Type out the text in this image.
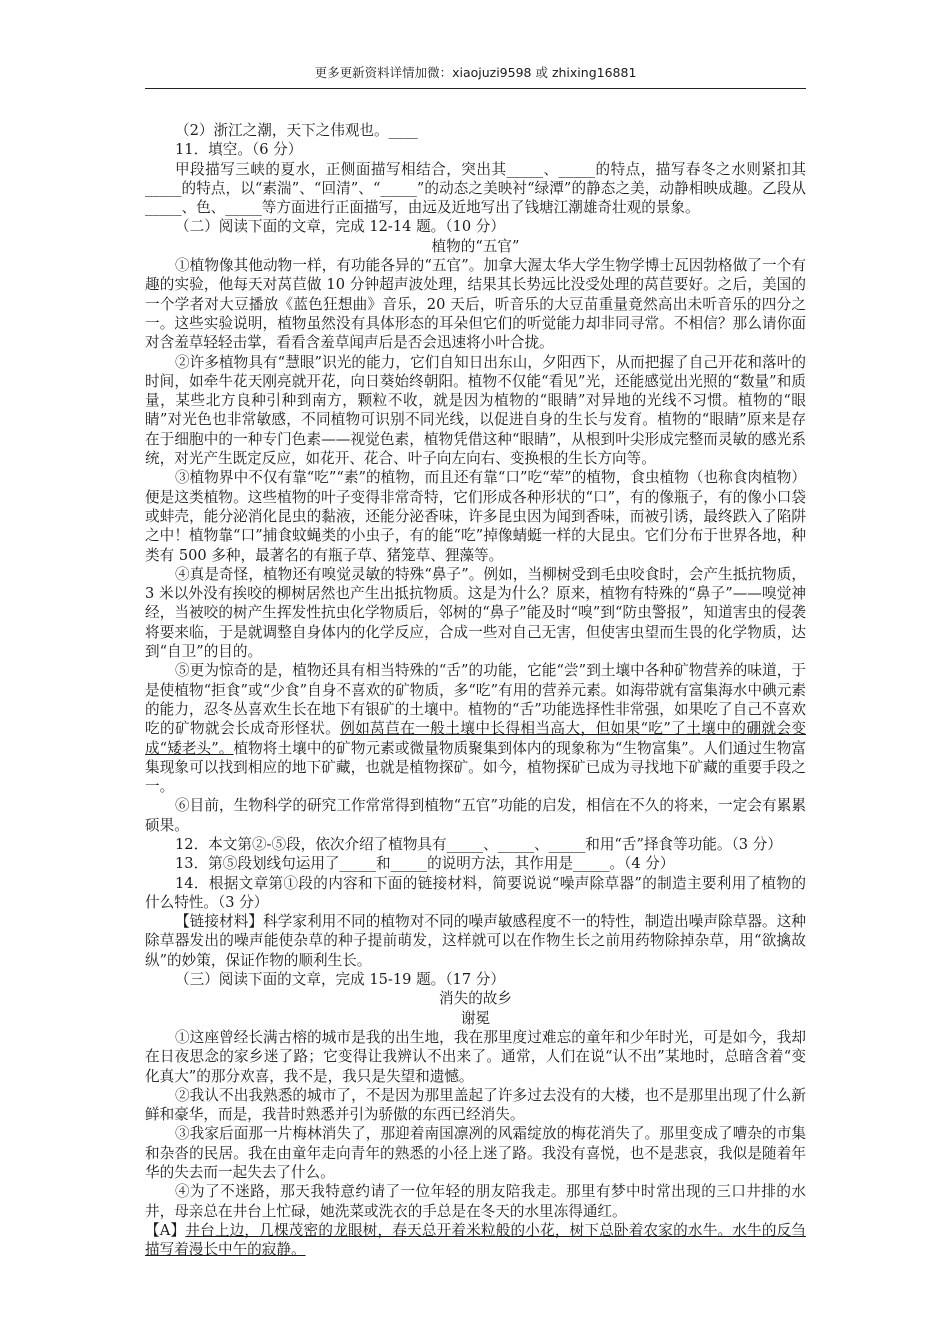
更多更新资料详情加微：xiaojuzi9598 或 zhixing16881

（2）浙江之潮，天下之伟观也。____

11．填空。（6 分）

甲段描写三峡的夏水，正侧面描写相结合，突出其_____、_____的特点，描写春冬之水则紧扣其_____的特点，以“素湍”、“回清”、“_____”的动态之美映衬“绿潭”的静态之美，动静相映成趣。乙段从_____、色、_____等方面进行正面描写，由远及近地写出了钱塘江潮雄奇壮观的景象。

（二）阅读下面的文章，完成 12-14 题。（10 分）

植物的“五官”

①植物像其他动物一样，有功能各异的“五官”。加拿大渥太华大学生物学博士瓦因勃格做了一个有趣的实验，他每天对莴苣做 10 分钟超声波处理，结果其长势远比没受处理的莴苣要好。之后，美国的一个学者对大豆播放《蓝色狂想曲》音乐，20 天后，听音乐的大豆苗重量竟然高出未听音乐的四分之一。这些实验说明，植物虽然没有具体形态的耳朵但它们的听觉能力却非同寻常。不相信？那么请你面对含羞草轻轻击掌，看看含羞草闻声后是否会迅速将小叶合拢。

②许多植物具有“慧眼”识光的能力，它们自知日出东山，夕阳西下，从而把握了自己开花和落叶的时间，如牵牛花天刚亮就开花，向日葵始终朝阳。植物不仅能“看见”光，还能感觉出光照的“数量”和质量，某些北方良种引种到南方，颗粒不收，就是因为植物的“眼睛”对异地的光线不习惯。植物的“眼睛”对光色也非常敏感，不同植物可识别不同光线，以促进自身的生长与发育。植物的“眼睛”原来是存在于细胞中的一种专门色素——视觉色素，植物凭借这种“眼睛”，从根到叶尖形成完整而灵敏的感光系统，对光产生既定反应，如花开、花合、叶子向左向右、变换根的生长方向等。

③植物界中不仅有靠“吃”“素”的植物，而且还有靠“口”吃“荤”的植物，食虫植物（也称食肉植物）便是这类植物。这些植物的叶子变得非常奇特，它们形成各种形状的“口”，有的像瓶子，有的像小口袋或蚌壳，能分泌消化昆虫的黏液，还能分泌香味，许多昆虫因为闻到香味，而被引诱，最终跌入了陷阱之中！植物靠“口”捕食蚊蝇类的小虫子，有的能“吃”掉像蜻蜓一样的大昆虫。它们分布于世界各地，种类有 500 多种，最著名的有瓶子草、猪笼草、狸藻等。

④真是奇怪，植物还有嗅觉灵敏的特殊“鼻子”。例如，当柳树受到毛虫咬食时，会产生抵抗物质，3 米以外没有挨咬的柳树居然也产生出抵抗物质。这是为什么？原来，植物有特殊的“鼻子”——嗅觉神经，当被咬的树产生挥发性抗虫化学物质后，邻树的“鼻子”能及时“嗅”到“防虫警报”，知道害虫的侵袭将要来临，于是就调整自身体内的化学反应，合成一些对自己无害，但使害虫望而生畏的化学物质，达到“自卫”的目的。

⑤更为惊奇的是，植物还具有相当特殊的“舌”的功能，它能“尝”到土壤中各种矿物营养的味道，于是使植物“拒食”或“少食”自身不喜欢的矿物质，多“吃”有用的营养元素。如海带就有富集海水中碘元素的能力，忍冬丛喜欢生长在地下有银矿的土壤中。植物的“舌”功能选择性非常强，如果吃了自己不喜欢吃的矿物就会长成奇形怪状。例如莴苣在一般土壤中长得相当高大，但如果“吃”了土壤中的硼就会变成“矮老头”。植物将土壤中的矿物元素或微量物质聚集到体内的现象称为“生物富集”。人们通过生物富集现象可以找到相应的地下矿藏，也就是植物探矿。如今，植物探矿已成为寻找地下矿藏的重要手段之一。

⑥目前，生物科学的研究工作常常得到植物“五官”功能的启发，相信在不久的将来，一定会有累累硕果。

12．本文第②-⑤段，依次介绍了植物具有_____、_____、_____和用“舌”择食等功能。（3 分）

13．第⑤段划线句运用了_____和_____的说明方法，其作用是_____。（4 分）

14．根据文章第①段的内容和下面的链接材料，简要说说“噪声除草器”的制造主要利用了植物的什么特性。（3 分）

【链接材料】科学家利用不同的植物对不同的噪声敏感程度不一的特性，制造出噪声除草器。这种除草器发出的噪声能使杂草的种子提前萌发，这样就可以在作物生长之前用药物除掉杂草，用“欲擒故纵”的妙策，保证作物的顺利生长。

（三）阅读下面的文章，完成 15-19 题。（17 分）

消失的故乡

谢冕

①这座曾经长满古榕的城市是我的出生地，我在那里度过难忘的童年和少年时光，可是如今，我却在日夜思念的家乡迷了路；它变得让我辨认不出来了。通常，人们在说“认不出”某地时，总暗含着“变化真大”的那分欢喜，我不是，我只是失望和遗憾。

②我认不出我熟悉的城市了，不是因为那里盖起了许多过去没有的大楼，也不是那里出现了什么新鲜和豪华，而是，我昔时熟悉并引为骄傲的东西已经消失。

③我家后面那一片梅林消失了，那迎着南国凛冽的风霜绽放的梅花消失了。那里变成了嘈杂的市集和杂沓的民居。我在由童年走向青年的熟悉的小径上迷了路。我没有喜悦，也不是悲哀，我似是随着年华的失去而一起失去了什么。

④为了不迷路，那天我特意约请了一位年轻的朋友陪我走。那里有梦中时常出现的三口井排的水井，母亲总在井台上忙碌，她洗菜或洗衣的手总是在冬天的水里冻得通红。

【A】井台上边，几棵茂密的龙眼树，春天总开着米粒般的小花，树下总卧着农家的水牛。水牛的反刍描写着漫长中午的寂静。
